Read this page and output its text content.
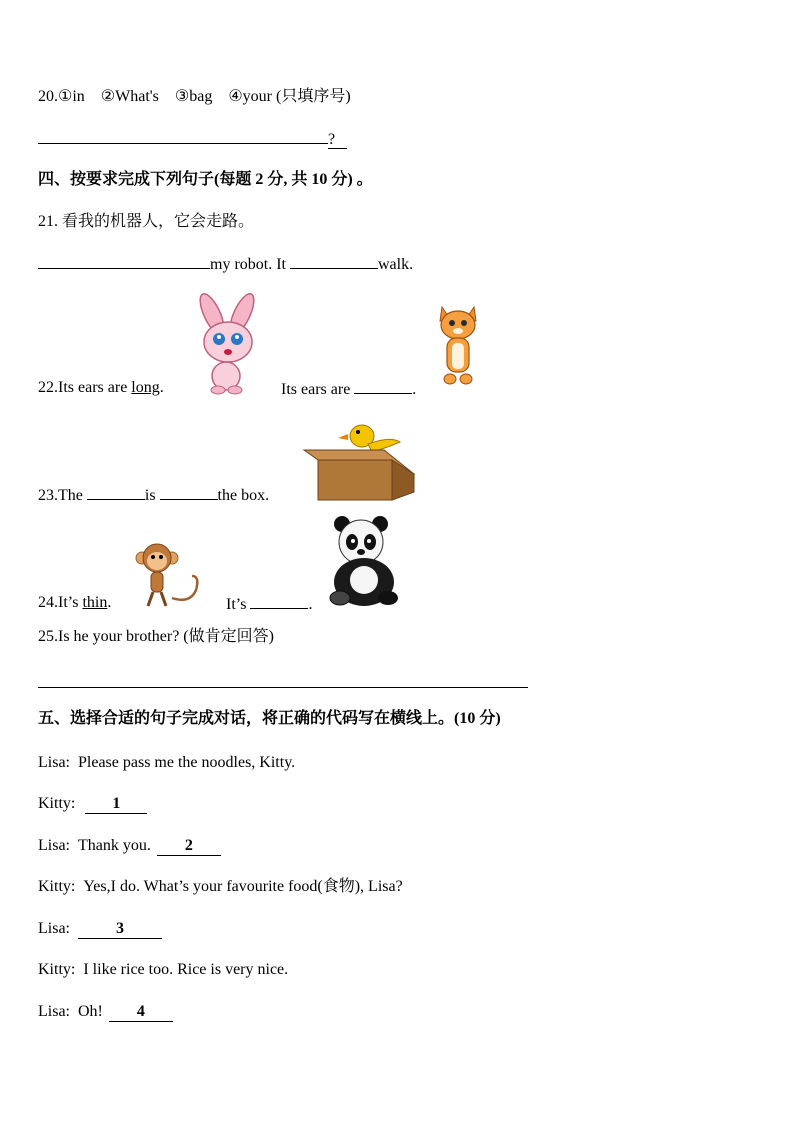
20.①in    ②What's    ③bag    ④your (只填序号)
?
四、按要求完成下列句子(每题 2 分, 共 10 分) 。
21. 看我的机器人，它会走路。
my robot. It	walk.
22.Its ears are long.	Its ears are	.
23.The	is	the box.
24.It’s thin.	It’s	.
25.Is he your brother? (做肯定回答)
五、选择合适的句子完成对话，将正确的代码写在横线上。(10 分)
Lisa: Please pass me the noodles, Kitty.
Kitty: 1
Lisa: Thank you. 2
Kitty: Yes,I do. What’s your favourite food(食物), Lisa?
Lisa:	3
Kitty: I like rice too. Rice is very nice.
Lisa: Oh! 4
